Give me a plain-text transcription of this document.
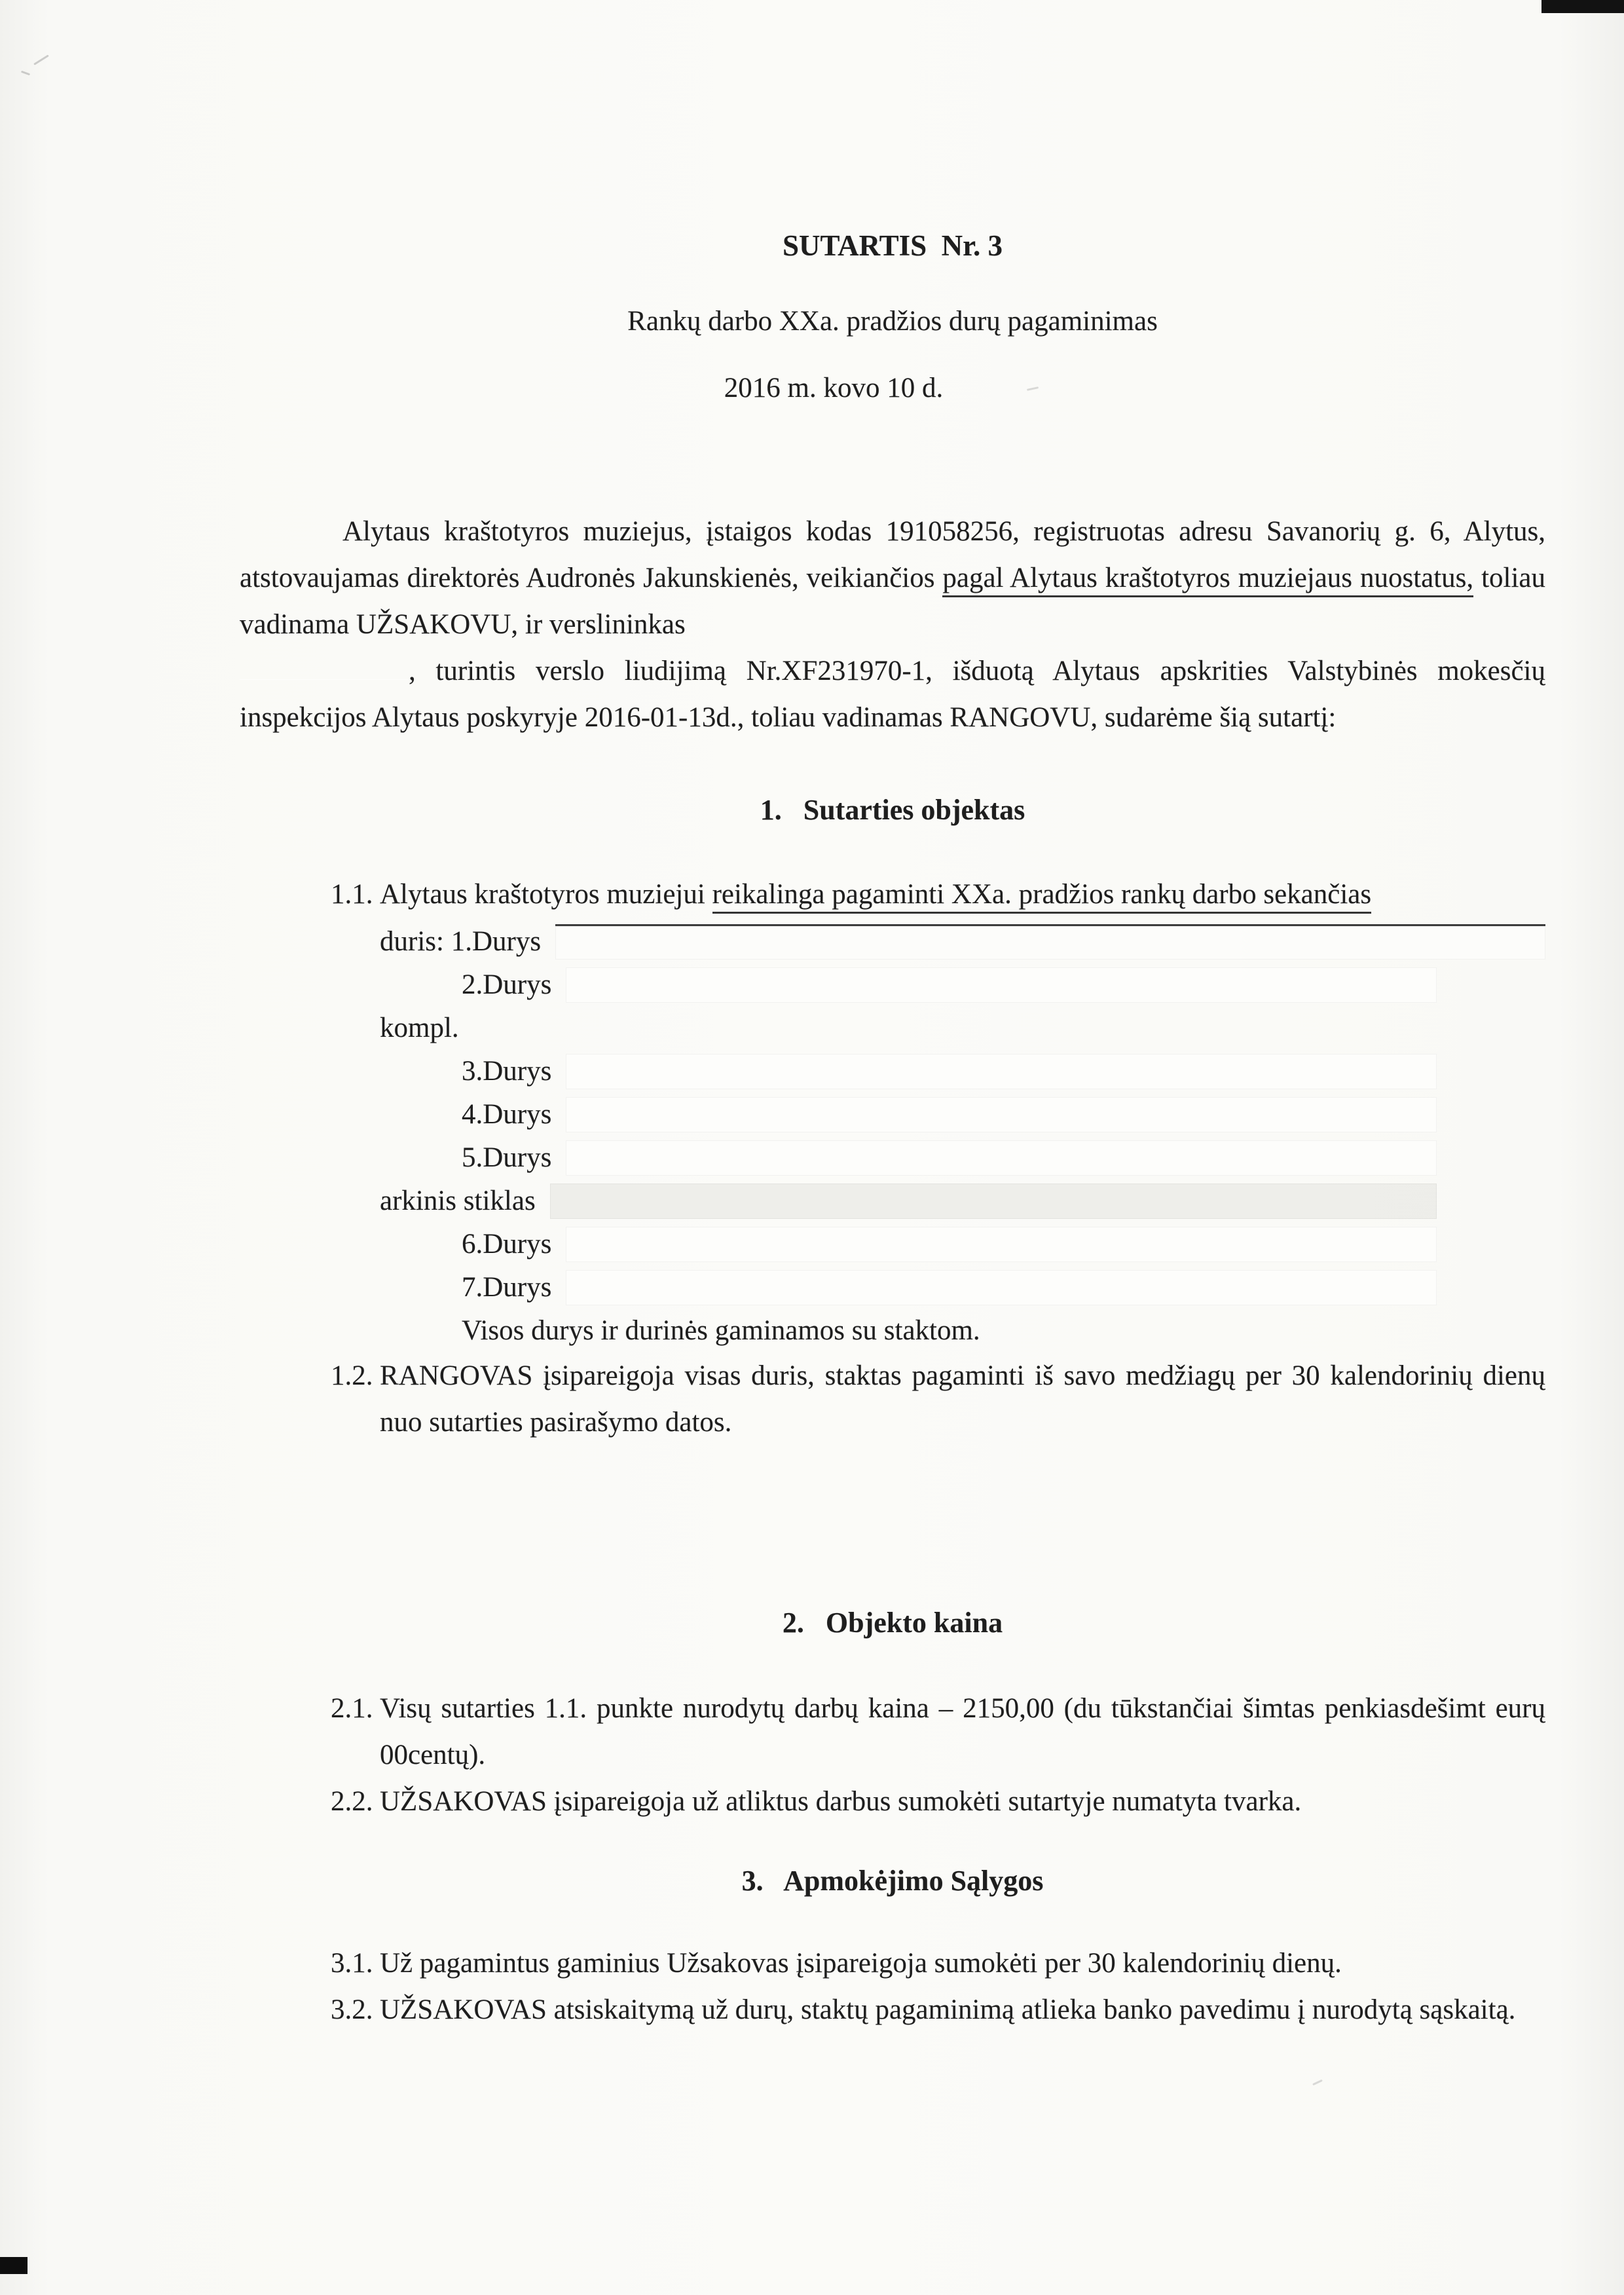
SUTARTIS  Nr. 3
Rankų darbo XXa. pradžios durų pagaminimas
2016 m. kovo 10 d.

Alytaus kraštotyros muziejus, įstaigos kodas 191058256, registruotas adresu Savanorių g. 6, Alytus, atstovaujamas direktorės Audronės Jakunskienės, veikiančios pagal Alytaus kraštotyros muziejaus nuostatus, toliau vadinama UŽSAKOVU, ir verslininkas

, turintis verslo liudijimą Nr.XF231970-1, išduotą Alytaus apskrities Valstybinės mokesčių inspekcijos Alytaus poskyryje 2016-01-13d., toliau vadinamas RANGOVU, sudarėme šią sutartį:

1.   Sutarties objektas
1.1. Alytaus kraštotyros muziejui reikalinga pagaminti XXa. pradžios rankų darbo sekančias
duris: 1.Durys
2.Durys
kompl.
3.Durys
4.Durys
5.Durys
arkinis stiklas
6.Durys
7.Durys
Visos durys ir durinės gaminamos su staktom.
1.2. RANGOVAS įsipareigoja visas duris, staktas pagaminti iš savo medžiagų per 30 kalendorinių dienų nuo sutarties pasirašymo datos.
2.   Objekto kaina
2.1. Visų sutarties 1.1. punkte nurodytų darbų kaina – 2150,00 (du tūkstančiai šimtas penkiasdešimt eurų 00centų).
2.2. UŽSAKOVAS įsipareigoja už atliktus darbus sumokėti sutartyje numatyta tvarka.
3.   Apmokėjimo Sąlygos
3.1. Už pagamintus gaminius Užsakovas įsipareigoja sumokėti per 30 kalendorinių dienų.
3.2. UŽSAKOVAS atsiskaitymą už durų, staktų pagaminimą atlieka banko pavedimu į nurodytą sąskaitą.
